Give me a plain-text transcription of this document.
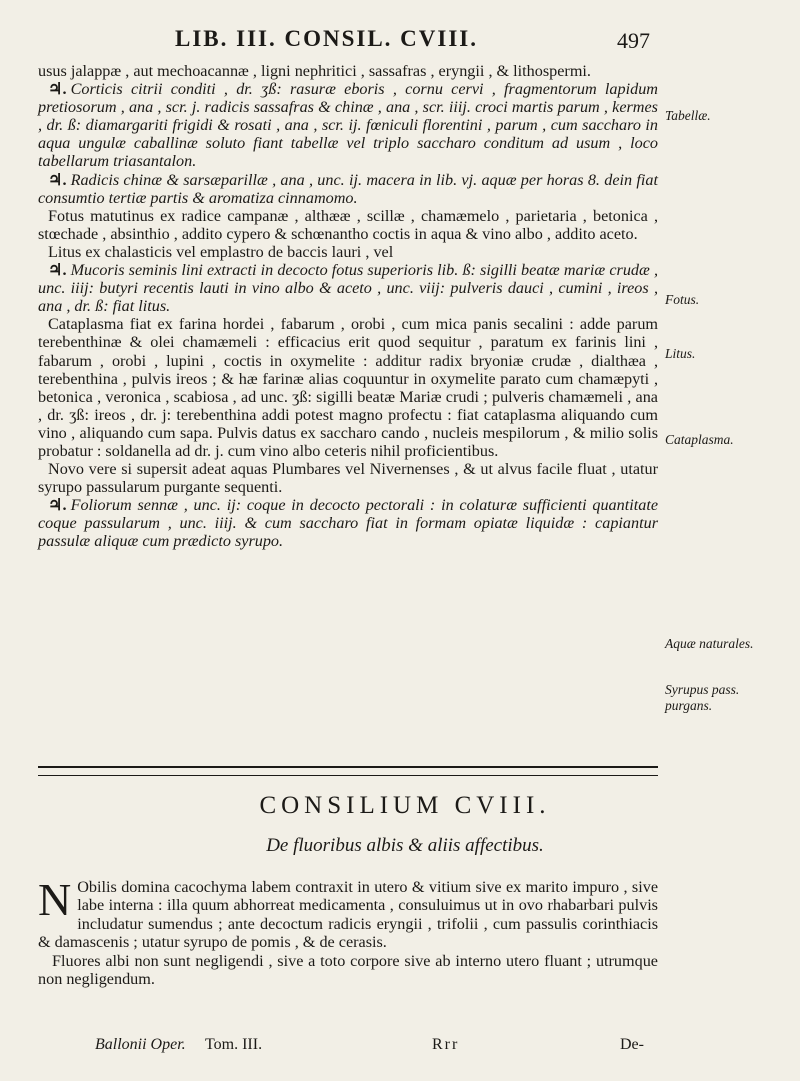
LIB. III. CONSIL. CVIII.	497

usus jalappæ , aut mechoacannæ , ligni nephritici , sassafras , eryngii , & lithospermi.

♃. Corticis citrii conditi , dr. ʒß: rasuræ eboris , cornu cervi , fragmentorum lapidum pretiosorum , ana , scr. j. radicis sassafras & chinæ , ana , scr. iiij. croci martis parum , kermes , dr. ß: diamargariti frigidi & rosati , ana , scr. ij. fœniculi florentini , parum , cum saccharo in aqua ungulæ caballinæ soluto fiant tabellæ vel triplo saccharo conditum ad usum , loco tabellarum triasantalon.

♃. Radicis chinæ & sarsæparillæ , ana , unc. ij. macera in lib. vj. aquæ per horas 8. dein fiat consumtio tertiæ partis & aromatiza cinnamomo.

Fotus matutinus ex radice campanæ , althææ , scillæ , chamæmelo , parietaria , betonica , stœchade , absinthio , addito cypero & schœnantho coctis in aqua & vino albo , addito aceto.

Litus ex chalasticis vel emplastro de baccis lauri , vel

♃. Mucoris seminis lini extracti in decocto fotus superioris lib. ß: sigilli beatæ mariæ crudæ , unc. iiij: butyri recentis lauti in vino albo & aceto , unc. viij: pulveris dauci , cumini , ireos , ana , dr. ß: fiat litus.

Cataplasma fiat ex farina hordei , fabarum , orobi , cum mica panis secalini : adde parum terebenthinæ & olei chamæmeli : efficacius erit quod sequitur , paratum ex farinis lini , fabarum , orobi , lupini , coctis in oxymelite : additur radix bryoniæ crudæ , dialthæa , terebenthina , pulvis ireos ; & hæ farinæ alias coquuntur in oxymelite parato cum chamæpyti , betonica , veronica , scabiosa , ad unc. ʒß: sigilli beatæ Mariæ crudi ; pulveris chamæmeli , ana , dr. ʒß: ireos , dr. j: terebenthina addi potest magno profectu : fiat cataplasma aliquando cum vino , aliquando cum sapa. Pulvis datus ex saccharo cando , nucleis mespilorum , & milio solis probatur : soldanella ad dr. j. cum vino albo ceteris nihil proficientibus.

Novo vere si supersit adeat aquas Plumbares vel Nivernenses , & ut alvus facile fluat , utatur syrupo passularum purgante sequenti.

♃. Foliorum sennæ , unc. ij: coque in decocto pectorali : in colaturæ sufficienti quantitate coque passularum , unc. iiij. & cum saccharo fiat in formam opiatæ liquidæ : capiantur passulæ aliquæ cum prædicto syrupo.

Tabellæ.
Fotus.
Litus.
Cataplasma.
Aquæ naturales.
Syrupus pass. purgans.
CONSILIUM CVIII.
De fluoribus albis & aliis affectibus.

N Obilis domina cacochyma labem contraxit in utero & vitium sive ex marito impuro , sive labe interna : illa quum abhorreat medicamenta , consuluimus ut in ovo rhabarbari pulvis includatur sumendus ; ante decoctum radicis eryngii , trifolii , cum passulis corinthiacis & damascenis ; utatur syrupo de pomis , & de cerasis.

Fluores albi non sunt negligendi , sive a toto corpore sive ab interno utero fluant ; utrumque non negligendum.

Ballonii Oper. Tom. III.	Rrr	De-
